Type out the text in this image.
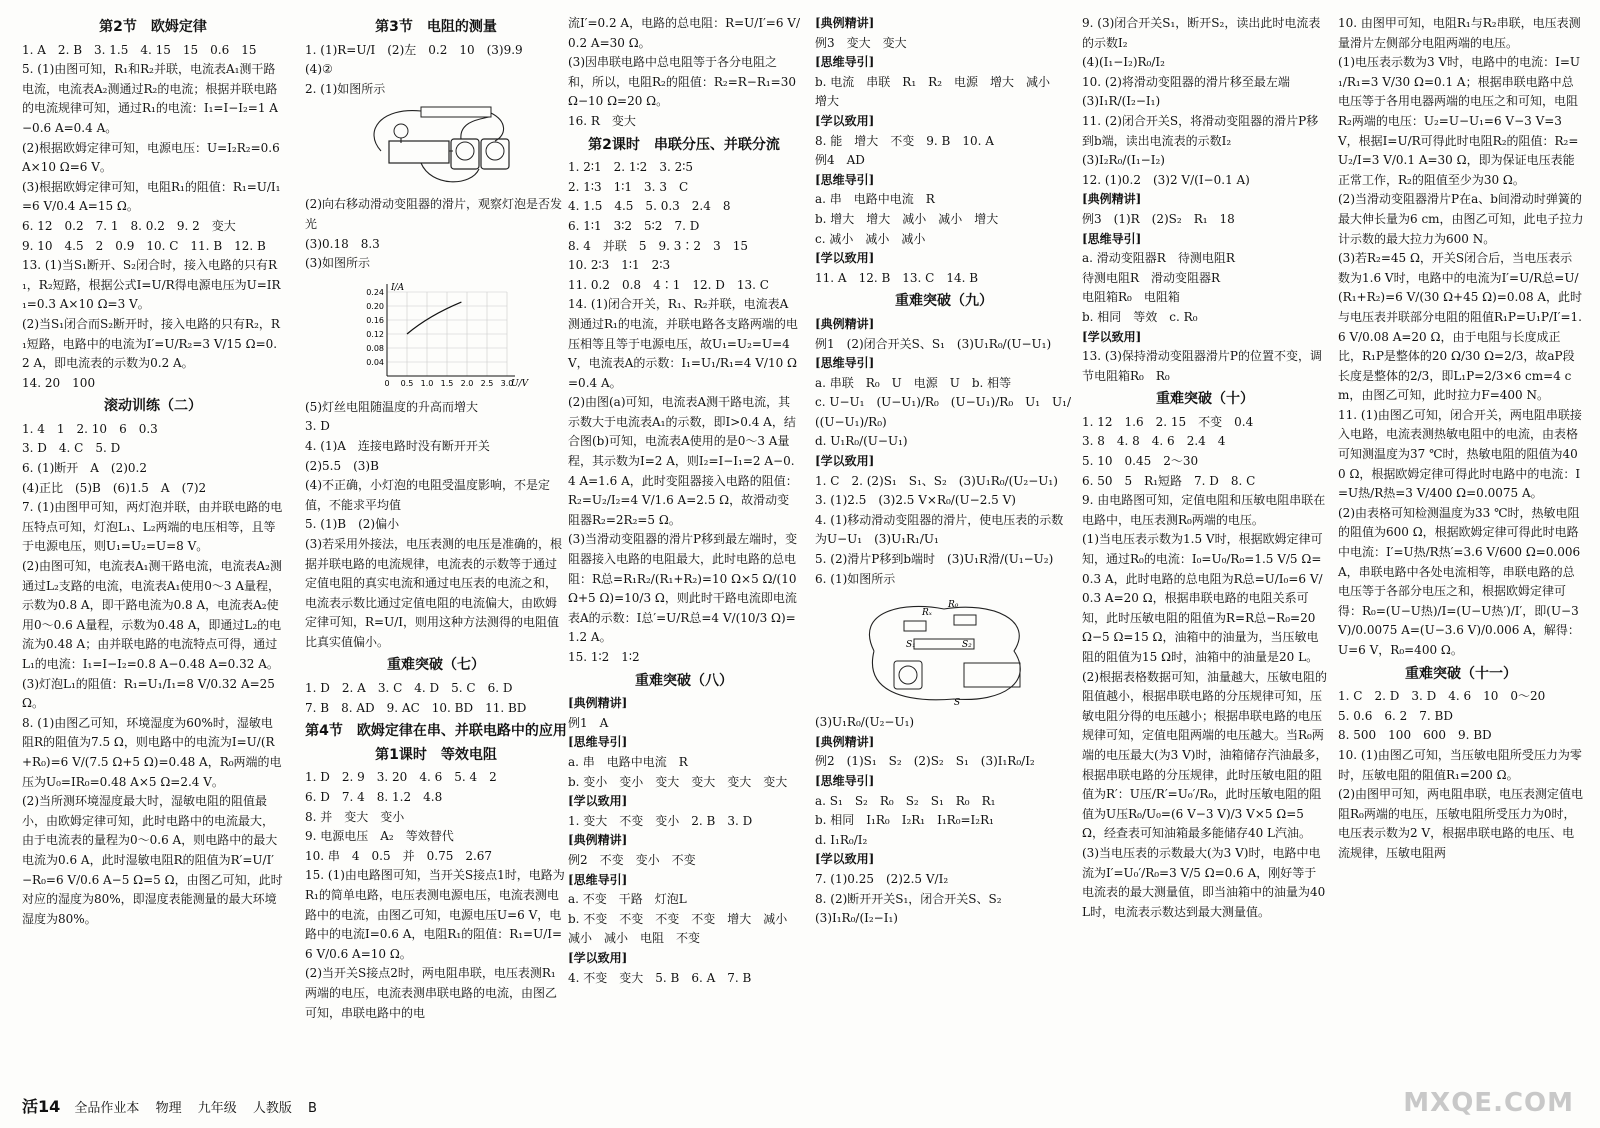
第2节　欧姆定律

1. A　2. B　3. 1.5　4. 15　15　0.6　15

5. (1)由图可知，R₁和R₂并联，电流表A₁测干路电流，电流表A₂测通过R₂的电流；根据并联电路的电流规律可知，通过R₁的电流：I₁=I−I₂=1 A−0.6 A=0.4 A。

(2)根据欧姆定律可知，电源电压：U=I₂R₂=0.6 A×10 Ω=6 V。

(3)根据欧姆定律可知，电阻R₁的阻值：R₁=U/I₁=6 V/0.4 A=15 Ω。

6. 12　0.2　7. 1　8. 0.2　9. 2　变大

9. 10　4.5　2　0.9　10. C　11. B　12. B

13. (1)当S₁断开、S₂闭合时，接入电路的只有R₁，R₂短路，根据公式I=U/R得电源电压为U=IR₁=0.3 A×10 Ω=3 V。

(2)当S₁闭合而S₂断开时，接入电路的只有R₂，R₁短路，电路中的电流为I′=U/R₂=3 V/15 Ω=0.2 A，即电流表的示数为0.2 A。

14. 20　100

滚动训练（二）

1. 4　1　2. 10　6　0.3

3. D　4. C　5. D

6. (1)断开　A　(2)0.2

(4)正比　(5)B　(6)1.5　A　(7)2

7. (1)由图甲可知，两灯泡并联，由并联电路的电压特点可知，灯泡L₁、L₂两端的电压相等，且等于电源电压，则U₁=U₂=U=8 V。

(2)由图可知，电流表A₁测干路电流，电流表A₂测通过L₂支路的电流，电流表A₁使用0～3 A量程，示数为0.8 A，即干路电流为0.8 A，电流表A₂使用0～0.6 A量程，示数为0.48 A，即通过L₂的电流为0.48 A；由并联电路的电流特点可得，通过L₁的电流：I₁=I−I₂=0.8 A−0.48 A=0.32 A。

(3)灯泡L₁的阻值：R₁=U₁/I₁=8 V/0.32 A=25 Ω。

8. (1)由图乙可知，环境湿度为60%时，湿敏电阻R的阻值为7.5 Ω，则电路中的电流为I=U/(R+R₀)=6 V/(7.5 Ω+5 Ω)=0.48 A，R₀两端的电压为U₀=IR₀=0.48 A×5 Ω=2.4 V。

(2)当所测环境湿度最大时，湿敏电阻的阻值最小，由欧姆定律可知，此时电路中的电流最大，由于电流表的量程为0～0.6 A，则电路中的最大电流为0.6 A，此时湿敏电阻R的阻值为R′=U/I′−R₀=6 V/0.6 A−5 Ω=5 Ω，由图乙可知，此时对应的湿度为80%，即湿度表能测量的最大环境湿度为80%。

第3节　电阻的测量

1. (1)R=U/I　(2)左　0.2　10　(3)9.9

(4)②

2. (1)如图所示

(2)向右移动滑动变阻器的滑片，观察灯泡是否发光

(3)0.18　8.3

(3)如图所示

0.24
0.20
0.16
0.12
0.08
0.04
0 0.5 1.0 1.5 2.0 2.5 3.0
I/A
U/V

(5)灯丝电阻随温度的升高而增大

3. D

4. (1)A　连接电路时没有断开开关

(2)5.5　(3)B

(4)不正确，小灯泡的电阻受温度影响，不是定值，不能求平均值

5. (1)B　(2)偏小

(3)若采用外接法，电压表测的电压是准确的，根据并联电路的电流规律，电流表的示数等于通过定值电阻的真实电流和通过电压表的电流之和，电流表示数比通过定值电阻的电流偏大，由欧姆定律可知，R=U/I，则用这种方法测得的电阻值比真实值偏小。

重难突破（七）

1. D　2. A　3. C　4. D　5. C　6. D

7. B　8. AD　9. AC　10. BD　11. BD

第4节　欧姆定律在串、并联电路中的应用

第1课时　等效电阻

1. D　2. 9　3. 20　4. 6　5. 4　2

6. D　7. 4　8. 1.2　4.8

8. 并　变大　变小

9. 电源电压　A₂　等效替代

10. 串　4　0.5　并　0.75　2.67

15. (1)由电路图可知，当开关S接点1时，电路为R₁的简单电路，电压表测电源电压，电流表测电路中的电流，由图乙可知，电源电压U=6 V，电路中的电流I=0.6 A，电阻R₁的阻值：R₁=U/I=6 V/0.6 A=10 Ω。

(2)当开关S接点2时，两电阻串联，电压表测R₁两端的电压，电流表测串联电路的电流，由图乙可知，串联电路中的电

流I′=0.2 A，电路的总电阻：R=U/I′=6 V/0.2 A=30 Ω。

(3)因串联电路中总电阻等于各分电阻之和，所以，电阻R₂的阻值：R₂=R−R₁=30 Ω−10 Ω=20 Ω。

16. R　变大

第2课时　串联分压、并联分流

1. 2∶1　2. 1∶2　3. 2∶5

2. 1∶3　1∶1　3. 3　C

4. 1.5　4.5　5. 0.3　2.4　8

6. 1∶1　3∶2　5∶2　7. D

8. 4　并联　5　9. 3∶2　3　15

10. 2∶3　1∶1　2∶3

11. 0.2　0.8　4∶1　12. D　13. C

14. (1)闭合开关，R₁、R₂并联，电流表A测通过R₁的电流，并联电路各支路两端的电压相等且等于电源电压，故U₁=U₂=U=4 V，电流表A的示数：I₁=U₁/R₁=4 V/10 Ω=0.4 A。

(2)由图(a)可知，电流表A测干路电流，其示数大于电流表A₁的示数，即I>0.4 A，结合图(b)可知，电流表A使用的是0～3 A量程，其示数为I=2 A，则I₂=I−I₁=2 A−0.4 A=1.6 A，此时变阻器接入电路的阻值：R₂=U₂/I₂=4 V/1.6 A=2.5 Ω，故滑动变阻器R₂=2R₂=5 Ω。

(3)当滑动变阻器的滑片P移到最左端时，变阻器接入电路的电阻最大，此时电路的总电阻：R总=R₁R₂/(R₁+R₂)=10 Ω×5 Ω/(10 Ω+5 Ω)=10/3 Ω，则此时干路电流即电流表A的示数：I总′=U/R总=4 V/(10/3 Ω)=1.2 A。

15. 1∶2　1∶2

重难突破（八）

[典例精讲]

例1　A

[思维导引]

a. 串　电路中电流　R

b. 变小　变小　变大　变大　变大　变大

[学以致用]

1. 变大　不变　变小　2. B　3. D

[典例精讲]

例2　不变　变小　不变

[思维导引]

a. 不变　干路　灯泡L

b. 不变　不变　不变　不变　增大　减小　减小　减小　电阻　不变

[学以致用]

4. 不变　变大　5. B　6. A　7. B

[典例精讲]

例3　变大　变大

[思维导引]

b. 电流　串联　R₁　R₂　电源　增大　减小　增大

[学以致用]

8. 能　增大　不变　9. B　10. A

例4　AD

[思维导引]

a. 串　电路中电流　R

b. 增大　增大　减小　减小　增大

c. 减小　减小　减小

[学以致用]

11. A　12. B　13. C　14. B

重难突破（九）

[典例精讲]

例1　(2)闭合开关S、S₁　(3)U₁R₀/(U−U₁)

[思维导引]

a. 串联　R₀　U　电源　U　b. 相等

c. U−U₁　(U−U₁)/R₀　(U−U₁)/R₀　U₁　U₁/((U−U₁)/R₀)

d. U₁R₀/(U−U₁)

[学以致用]

1. C　2. (2)S₁　S₁、S₂　(3)U₁R₀/(U₂−U₁)

3. (1)2.5　(3)2.5 V×R₀/(U−2.5 V)

4. (1)移动滑动变阻器的滑片，使电压表的示数为U−U₁　(3)U₁R₁/U₁

5. (2)滑片P移到b端时　(3)U₁R滑/(U₁−U₂)

6. (1)如图所示

R₀
Rₓ
S₁	S₂
S

(3)U₁R₀/(U₂−U₁)

[典例精讲]

例2　(1)S₁　S₂　(2)S₂　S₁　(3)I₁R₀/I₂

[思维导引]

a. S₁　S₂　R₀　S₂　S₁　R₀　R₁

b. 相同　I₁R₀　I₂R₁　I₁R₀=I₂R₁

d. I₁R₀/I₂

[学以致用]

7. (1)0.25　(2)2.5 V/I₂

8. (2)断开开关S₁，闭合开关S、S₂

(3)I₁R₀/(I₂−I₁)

9. (3)闭合开关S₁，断开S₂，读出此时电流表的示数I₂

(4)(I₁−I₂)R₀/I₂

10. (2)将滑动变阻器的滑片移至最左端

(3)I₁R/(I₂−I₁)

11. (2)闭合开关S，将滑动变阻器的滑片P移到b端，读出电流表的示数I₂

(3)I₂R₀/(I₁−I₂)

12. (1)0.2　(3)2 V/(I−0.1 A)

[典例精讲]

例3　(1)R　(2)S₂　R₁　18

[思维导引]

a. 滑动变阻器R　待测电阻R

待测电阻R　滑动变阻器R

电阻箱R₀　电阻箱

b. 相同　等效　c. R₀

[学以致用]

13. (3)保持滑动变阻器滑片P的位置不变，调节电阻箱R₀　R₀

重难突破（十）

1. 12　1.6　2. 15　不变　0.4

3. 8　4. 8　4. 6　2.4　4

5. 10　0.45　2～30

6. 50　5　R₁短路　7. D　8. C

9. 由电路图可知，定值电阻和压敏电阻串联在电路中，电压表测R₀两端的电压。

(1)当电压表示数为1.5 V时，根据欧姆定律可知，通过R₀的电流：I₀=U₀/R₀=1.5 V/5 Ω=0.3 A，此时电路的总电阻为R总=U/I₀=6 V/0.3 A=20 Ω，根据串联电路的电阻关系可知，此时压敏电阻的阻值为R=R总−R₀=20 Ω−5 Ω=15 Ω，油箱中的油量为，当压敏电阻的阻值为15 Ω时，油箱中的油量是20 L。

(2)根据表格数据可知，油量越大，压敏电阻的阻值越小，根据串联电路的分压规律可知，压敏电阻分得的电压越小；根据串联电路的电压规律可知，定值电阻两端的电压越大。当R₀两端的电压最大(为3 V)时，油箱储存汽油最多，根据串联电路的分压规律，此时压敏电阻的阻值为R′：U压/R′=U₀′/R₀，此时压敏电阻的阻值为U压R₀/U₀=(6 V−3 V)/3 V×5 Ω=5 Ω，经查表可知油箱最多能储存40 L汽油。

(3)当电压表的示数最大(为3 V)时，电路中电流为I′=U₀′/R₀=3 V/5 Ω=0.6 A，刚好等于电流表的最大测量值，即当油箱中的油量为40 L时，电流表示数达到最大测量值。

10. 由图甲可知，电阻R₁与R₂串联，电压表测量滑片左侧部分电阻两端的电压。

(1)电压表示数为3 V时，电路中的电流：I=U₁/R₁=3 V/30 Ω=0.1 A；根据串联电路中总电压等于各用电器两端的电压之和可知，电阻R₂两端的电压：U₂=U−U₁=6 V−3 V=3 V，根据I=U/R可得此时电阻R₂的阻值：R₂=U₂/I=3 V/0.1 A=30 Ω，即为保证电压表能正常工作，R₂的阻值至少为30 Ω。

(2)当滑动变阻器滑片P在a、b间滑动时弹簧的最大伸长量为6 cm，由图乙可知，此电子拉力计示数的最大拉力为600 N。

(3)若R₂=45 Ω，开关S闭合后，当电压表示数为1.6 V时，电路中的电流为I′=U/R总=U/(R₁+R₂)=6 V/(30 Ω+45 Ω)=0.08 A，此时与电压表并联部分电阻的阻值R₁P=U₁P/I′=1.6 V/0.08 A=20 Ω，由于电阻与长度成正比，R₁P是整体的20 Ω/30 Ω=2/3，故aP段长度是整体的2/3，即L₁P=2/3×6 cm=4 cm，由图乙可知，此时拉力F=400 N。

11. (1)由图乙可知，闭合开关，两电阻串联接入电路，电流表测热敏电阻中的电流，由表格可知测温度为37 ℃时，热敏电阻的阻值为400 Ω，根据欧姆定律可得此时电路中的电流：I=U热/R热=3 V/400 Ω=0.0075 A。

(2)由表格可知检测温度为33 ℃时，热敏电阻的阻值为600 Ω，根据欧姆定律可得此时电路中电流：I′=U热/R热′=3.6 V/600 Ω=0.006 A，串联电路中各处电流相等，串联电路的总电压等于各部分电压之和，根据欧姆定律可得：R₀=(U−U热)/I=(U−U热′)/I′，即(U−3 V)/0.0075 A=(U−3.6 V)/0.006 A，解得：U=6 V，R₀=400 Ω。

重难突破（十一）

1. C　2. D　3. D　4. 6　10　0～20

5. 0.6　6. 2　7. BD

8. 500　100　600　9. BD

10. (1)由图乙可知，当压敏电阻所受压力为零时，压敏电阻的阻值R₁=200 Ω。

(2)由图甲可知，两电阻串联，电压表测定值电阻R₀两端的电压，压敏电阻所受压力为0时，电压表示数为2 V，根据串联电路的电压、电流规律，压敏电阻两

活14 全品作业本 物理 九年级 人教版 B	MXQE.COM
